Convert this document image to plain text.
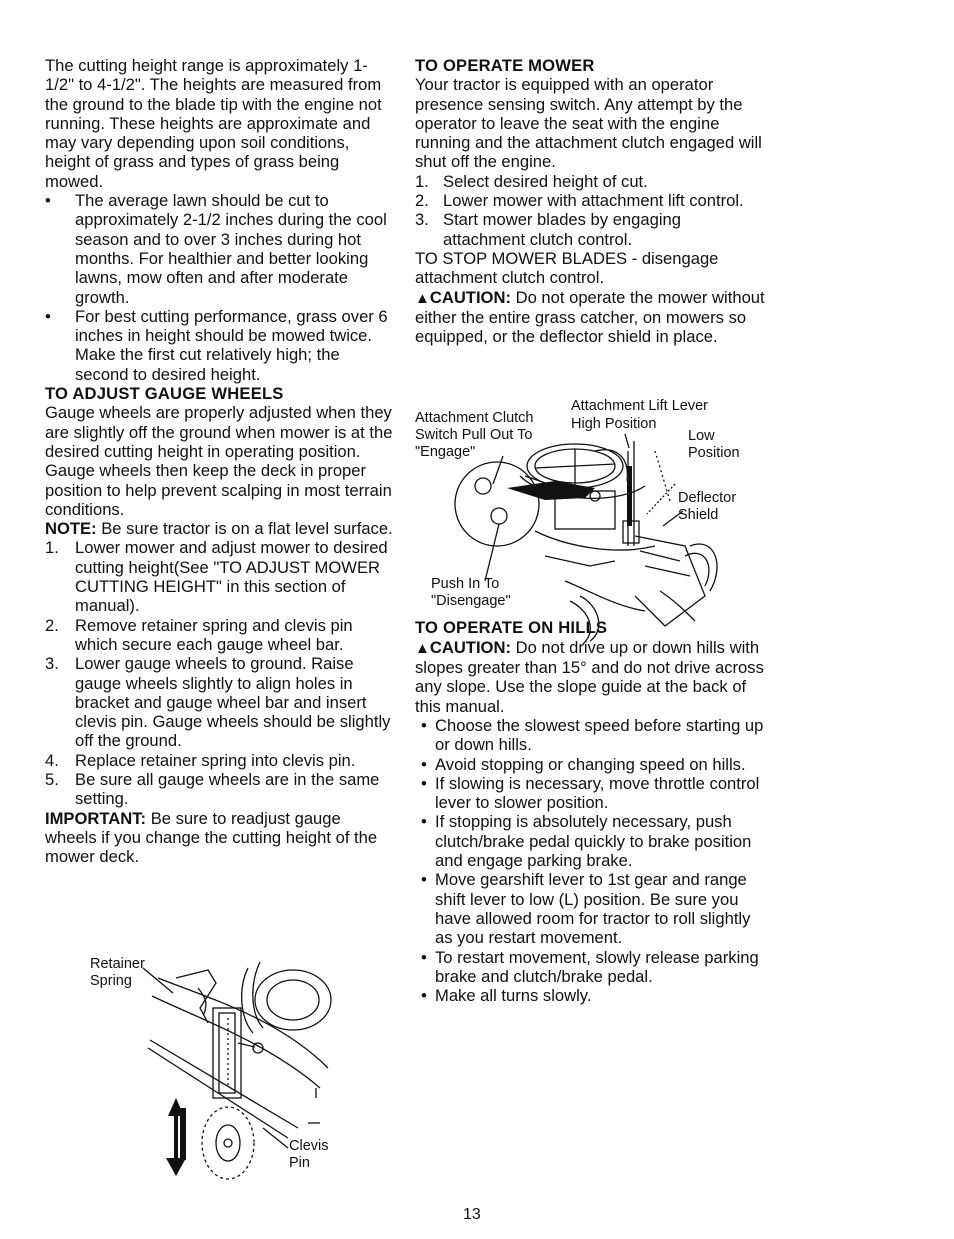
The cutting height range is approximately 1-1/2" to 4-1/2". The heights are measured from the ground to the blade tip with the engine not running. These heights are approximate and may vary depending upon soil conditions, height of grass and types of grass being mowed.

• The average lawn should be cut to approximately 2-1/2 inches during the cool season and to over 3 inches during hot months. For healthier and better looking lawns, mow often and after moderate growth.
• For best cutting performance, grass over 6 inches in height should be mowed twice. Make the first cut relatively high; the second to desired height.
TO ADJUST GAUGE WHEELS

Gauge wheels are properly adjusted when they are slightly off the ground when mower is at the desired cutting height in operating position. Gauge wheels then keep the deck in proper position to help prevent scalping in most terrain conditions.

NOTE: Be sure tractor is on a flat level surface.

1. Lower mower and adjust mower to desired cutting height(See "TO ADJUST MOWER CUTTING HEIGHT" in this section of manual).
2. Remove retainer spring and clevis pin which secure each gauge wheel bar.
3. Lower gauge wheels to ground. Raise gauge wheels slightly to align holes in bracket and gauge wheel bar and insert clevis pin. Gauge wheels should be slightly off the ground.
4. Replace retainer spring into clevis pin.
5. Be sure all gauge wheels are in the same setting.

IMPORTANT: Be sure to readjust gauge wheels if you change the cutting height of the mower deck.

Retainer
Spring
Clevis
Pin
TO OPERATE MOWER

Your tractor is equipped with an operator presence sensing switch. Any attempt by the operator to leave the seat with the engine running and the attachment clutch engaged will shut off the engine.

1. Select desired height of cut.
2. Lower mower with attachment lift control.
3. Start mower blades by engaging attachment clutch control.

TO STOP MOWER BLADES - disengage attachment clutch control.

▲CAUTION: Do not operate the mower without either the entire grass catcher, on mowers so equipped, or the deflector shield in place.

TO OPERATE ON HILLS

▲CAUTION: Do not drive up or down hills with slopes greater than 15° and do not drive across any slope. Use the slope guide at the back of this manual.

• Choose the slowest speed before starting up or down hills.
• Avoid stopping or changing speed on hills.
• If slowing is necessary, move throttle control lever to slower position.
• If stopping is absolutely necessary, push clutch/brake pedal quickly to brake position and engage parking brake.
• Move gearshift lever to 1st gear and range shift lever to low (L) position. Be sure you have allowed room for tractor to roll slightly as you restart movement.
• To restart movement, slowly release parking brake and clutch/brake pedal.
• Make all turns slowly.
Attachment Lift Lever
Attachment Clutch
Switch Pull Out To
"Engage"
High Position
Low
Position
Deflector
Shield
Push In To
"Disengage"
13
